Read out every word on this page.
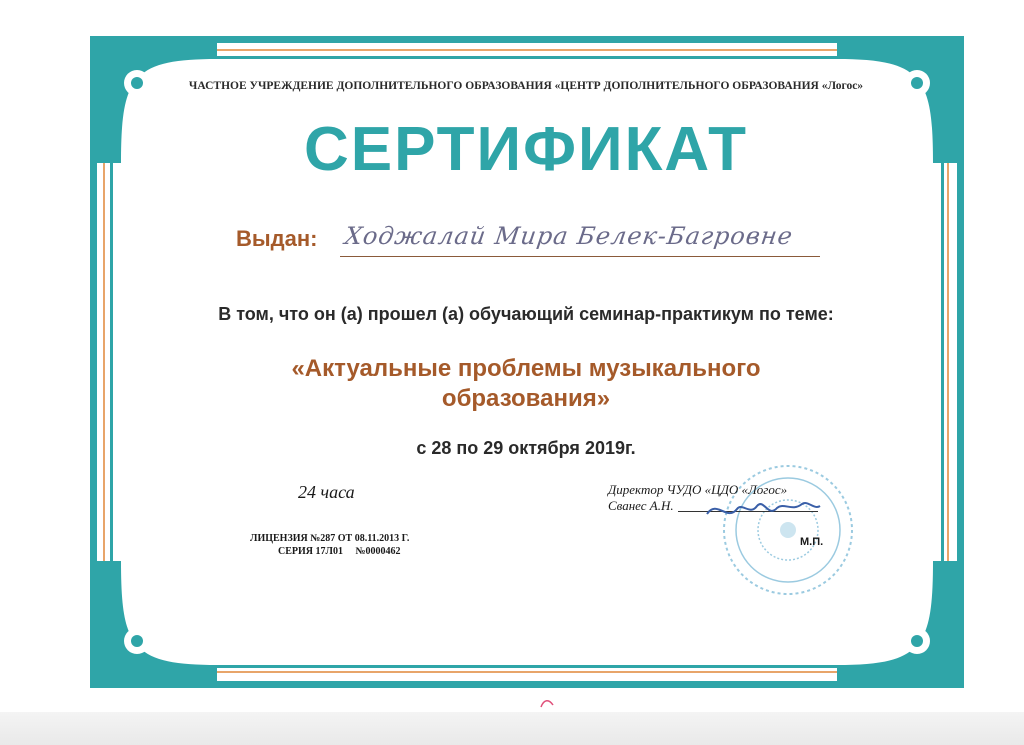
ЧАСТНОЕ УЧРЕЖДЕНИЕ ДОПОЛНИТЕЛЬНОГО ОБРАЗОВАНИЯ «ЦЕНТР ДОПОЛНИТЕЛЬНОГО ОБРАЗОВАНИЯ «Логос»
СЕРТИФИКАТ
Выдан: Ходжалай Мира Белек-Багровне
В том, что он (а) прошел (а) обучающий семинар-практикум по теме:
«Актуальные проблемы музыкального образования»
с 28 по 29 октября 2019г.
24 часа
ЛИЦЕНЗИЯ №287 ОТ 08.11.2013 Г.
СЕРИЯ 17Л01     №0000462
Директор ЧУДО «ЦДО «Логос»
Сванес А.Н.
М.П.
